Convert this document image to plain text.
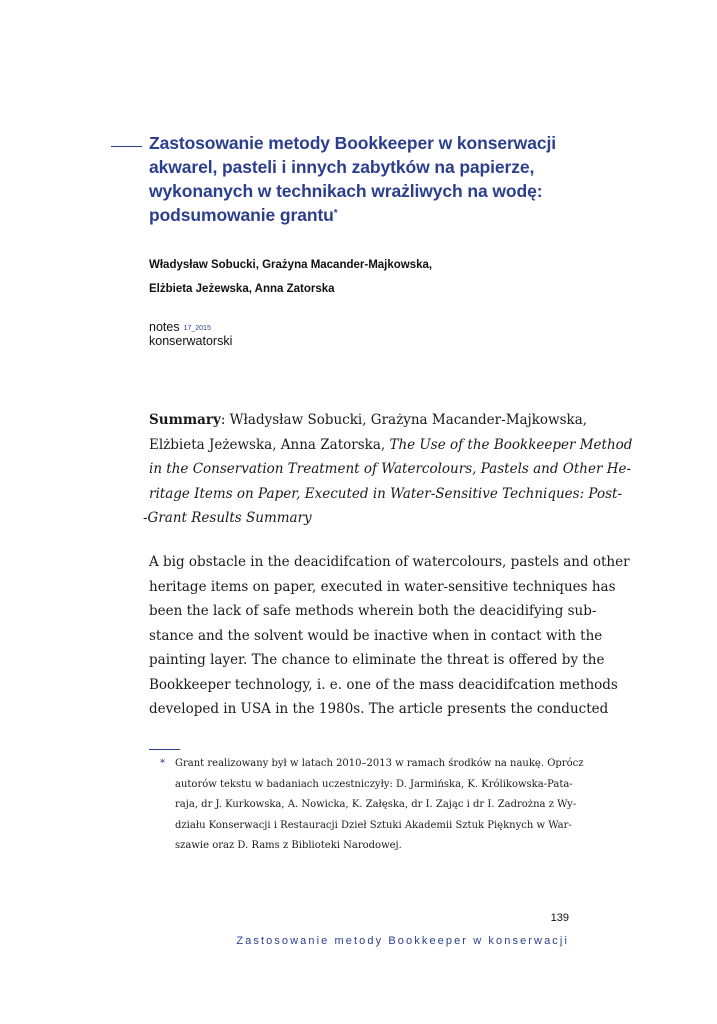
Zastosowanie metody Bookkeeper w konserwacji
akwarel, pasteli i innych zabytków na papierze,
wykonanych w technikach wrażliwych na wodę:
podsumowanie grantu*
Władysław Sobucki, Grażyna Macander-Majkowska,
Elżbieta Jeżewska, Anna Zatorska
notes 17_2015
konserwatorski
Summary: Władysław Sobucki, Grażyna Macander-Majkowska,
Elżbieta Jeżewska, Anna Zatorska, The Use of the Bookkeeper Method
in the Conservation Treatment of Watercolours, Pastels and Other He-
ritage Items on Paper, Executed in Water-Sensitive Techniques: Post-
-Grant Results Summary
A big obstacle in the deacidifcation of watercolours, pastels and other
heritage items on paper, executed in water-sensitive techniques has
been the lack of safe methods wherein both the deacidifying sub-
stance and the solvent would be inactive when in contact with the
painting layer. The chance to eliminate the threat is offered by the
Bookkeeper technology, i. e. one of the mass deacidifcation methods
developed in USA in the 1980s. The article presents the conducted
* Grant realizowany był w latach 2010–2013 w ramach środków na naukę. Oprócz
autorów tekstu w badaniach uczestniczyły: D. Jarmińska, K. Królikowska-Pata-
raja, dr J. Kurkowska, A. Nowicka, K. Załęska, dr I. Zając i dr I. Zadrożna z Wy-
działu Konserwacji i Restauracji Dzieł Sztuki Akademii Sztuk Pięknych w War-
szawie oraz D. Rams z Biblioteki Narodowej.
139
Zastosowanie metody Bookkeeper w konserwacji
